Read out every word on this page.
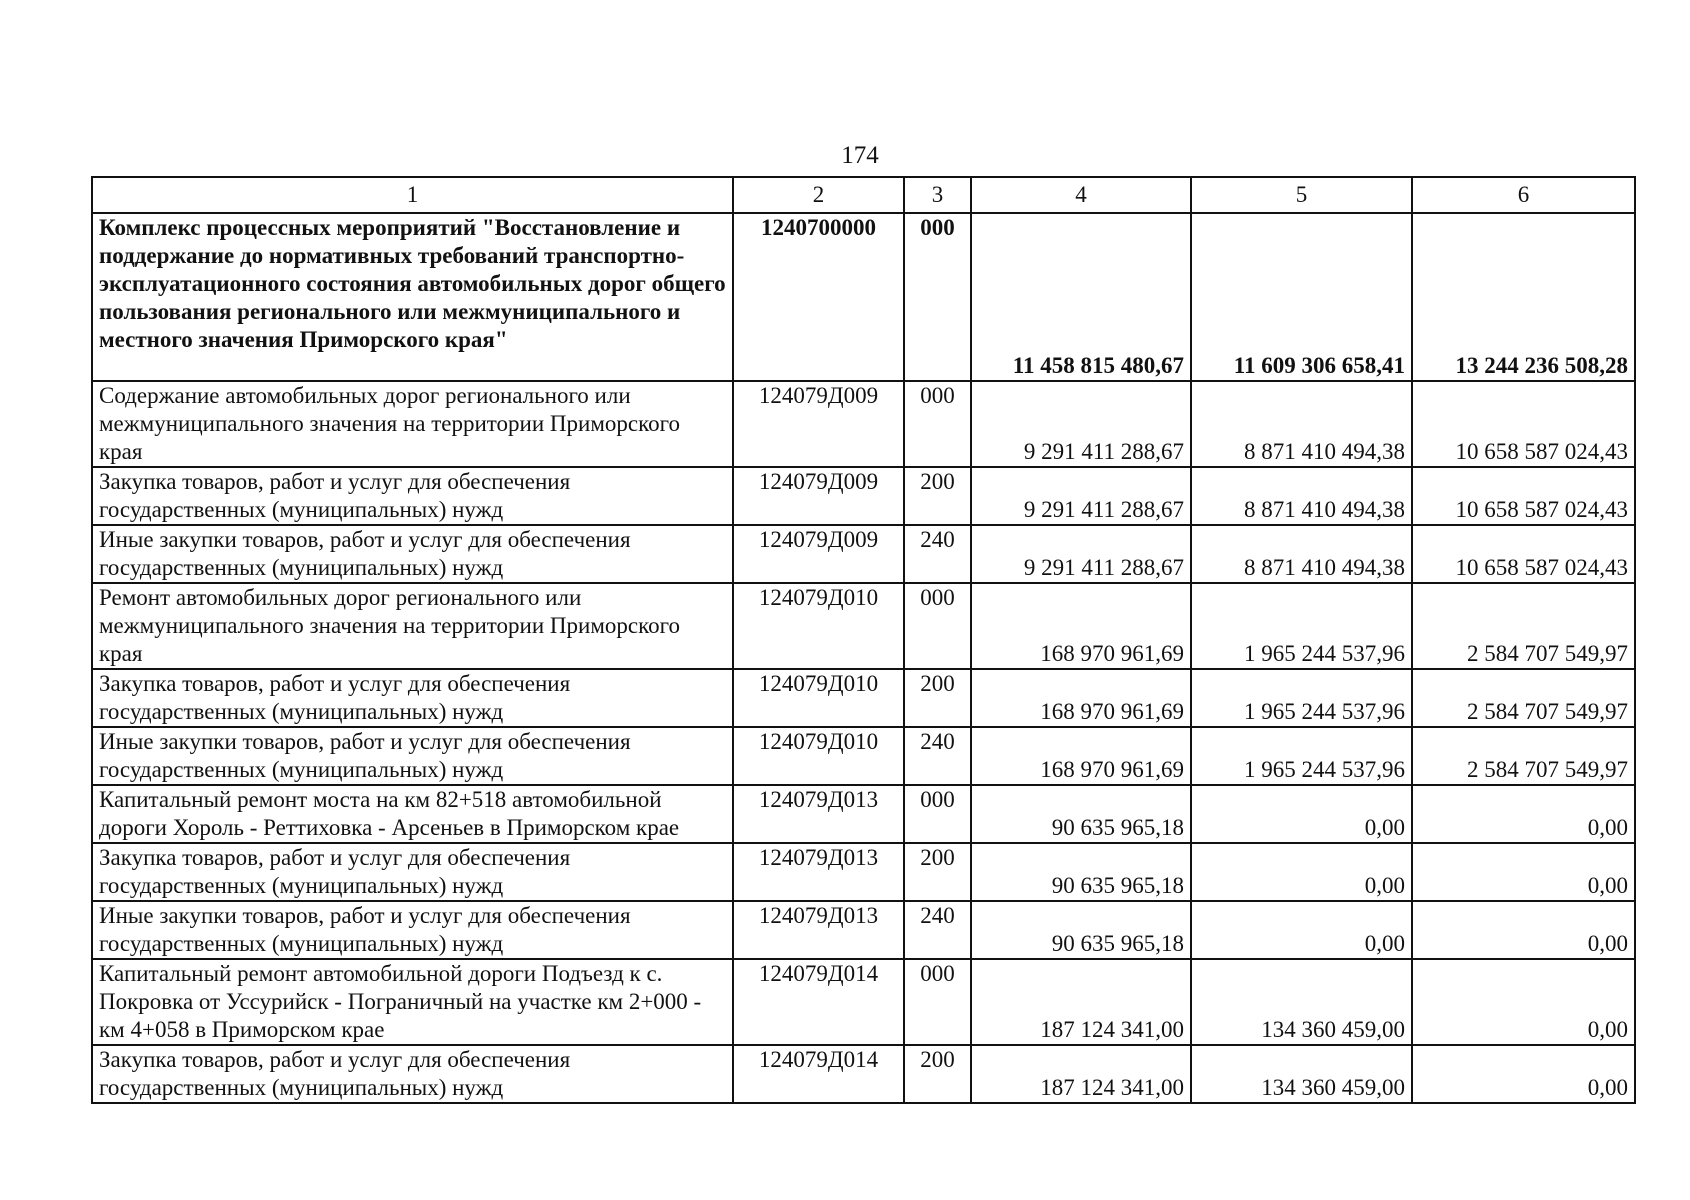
174
1	2	3	4	5	6
Комплекс процессных мероприятий "Восстановление и поддержание до нормативных требований транспортно-эксплуатационного состояния автомобильных дорог общего пользования регионального или межмуниципального и местного значения Приморского края"	1240700000	000	11 458 815 480,67	11 609 306 658,41	13 244 236 508,28
Содержание автомобильных дорог регионального или межмуниципального значения на территории Приморского края	124079Д009	000	9 291 411 288,67	8 871 410 494,38	10 658 587 024,43
Закупка товаров, работ и услуг для обеспечения государственных (муниципальных) нужд	124079Д009	200	9 291 411 288,67	8 871 410 494,38	10 658 587 024,43
Иные закупки товаров, работ и услуг для обеспечения государственных (муниципальных) нужд	124079Д009	240	9 291 411 288,67	8 871 410 494,38	10 658 587 024,43
Ремонт автомобильных дорог регионального или межмуниципального значения на территории Приморского края	124079Д010	000	168 970 961,69	1 965 244 537,96	2 584 707 549,97
Закупка товаров, работ и услуг для обеспечения государственных (муниципальных) нужд	124079Д010	200	168 970 961,69	1 965 244 537,96	2 584 707 549,97
Иные закупки товаров, работ и услуг для обеспечения государственных (муниципальных) нужд	124079Д010	240	168 970 961,69	1 965 244 537,96	2 584 707 549,97
Капитальный ремонт моста на км 82+518 автомобильной дороги Хороль - Реттиховка - Арсеньев в Приморском крае	124079Д013	000	90 635 965,18	0,00	0,00
Закупка товаров, работ и услуг для обеспечения государственных (муниципальных) нужд	124079Д013	200	90 635 965,18	0,00	0,00
Иные закупки товаров, работ и услуг для обеспечения государственных (муниципальных) нужд	124079Д013	240	90 635 965,18	0,00	0,00
Капитальный ремонт автомобильной дороги Подъезд к с. Покровка от Уссурийск - Пограничный на участке км 2+000 - км 4+058 в Приморском крае	124079Д014	000	187 124 341,00	134 360 459,00	0,00
Закупка товаров, работ и услуг для обеспечения государственных (муниципальных) нужд	124079Д014	200	187 124 341,00	134 360 459,00	0,00
